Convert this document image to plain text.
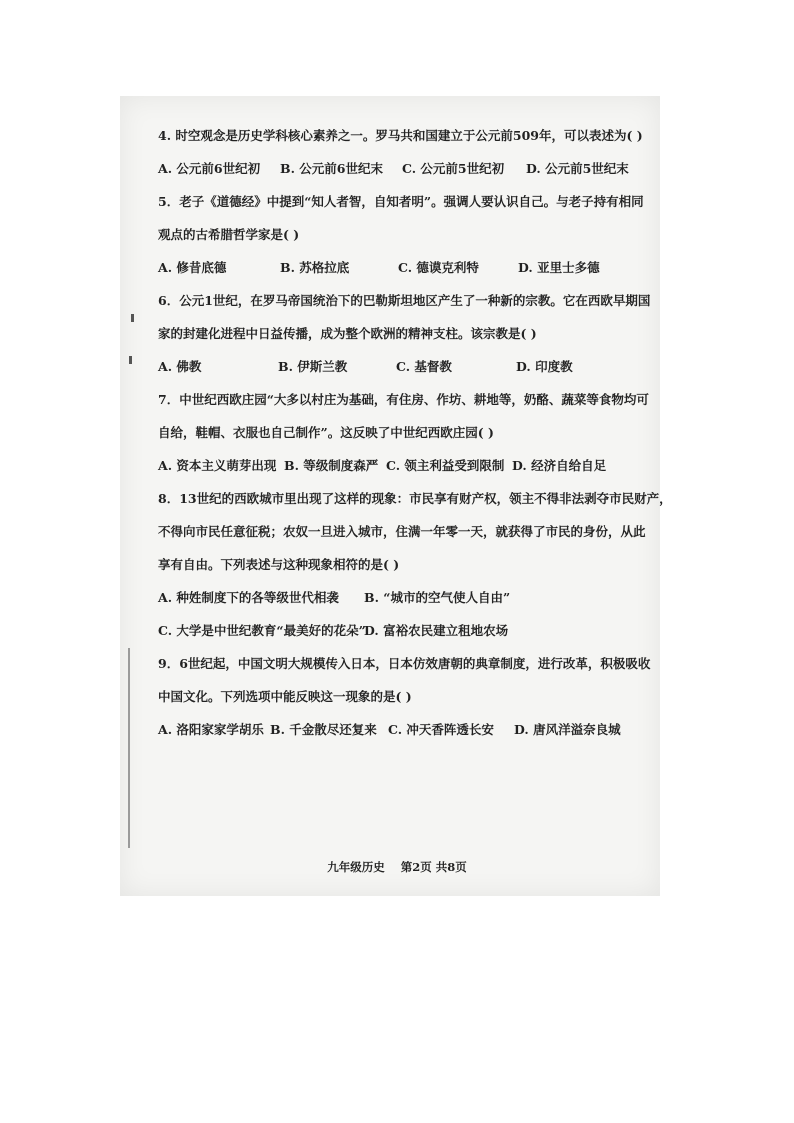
4. 时空观念是历史学科核心素养之一。罗马共和国建立于公元前509年，可以表述为( )
A. 公元前6世纪初	B. 公元前6世纪末	C. 公元前5世纪初	D. 公元前5世纪末
5．老子《道德经》中提到“知人者智，自知者明”。强调人要认识自己。与老子持有相同
观点的古希腊哲学家是( )
A. 修昔底德	B. 苏格拉底	C. 德谟克利特	D. 亚里士多德
6．公元1世纪，在罗马帝国统治下的巴勒斯坦地区产生了一种新的宗教。它在西欧早期国
家的封建化进程中日益传播，成为整个欧洲的精神支柱。该宗教是( )
A. 佛教	B. 伊斯兰教	C. 基督教	D. 印度教
7．中世纪西欧庄园“大多以村庄为基础，有住房、作坊、耕地等，奶酪、蔬菜等食物均可
自给，鞋帽、衣服也自己制作”。这反映了中世纪西欧庄园( )
A. 资本主义萌芽出现 B. 等级制度森严 C. 领主利益受到限制 D. 经济自给自足
8．13世纪的西欧城市里出现了这样的现象：市民享有财产权，领主不得非法剥夺市民财产，
不得向市民任意征税；农奴一旦进入城市，住满一年零一天，就获得了市民的身份，从此
享有自由。下列表述与这种现象相符的是( )
A. 种姓制度下的各等级世代相袭	B. “城市的空气使人自由”
C. 大学是中世纪教育“最美好的花朵”
D. 富裕农民建立租地农场
9．6世纪起，中国文明大规模传入日本，日本仿效唐朝的典章制度，进行改革，积极吸收
中国文化。下列选项中能反映这一现象的是( )
A. 洛阳家家学胡乐 B. 千金散尽还复来 C. 冲天香阵透长安	D. 唐风洋溢奈良城
九年级历史 第2页 共8页
